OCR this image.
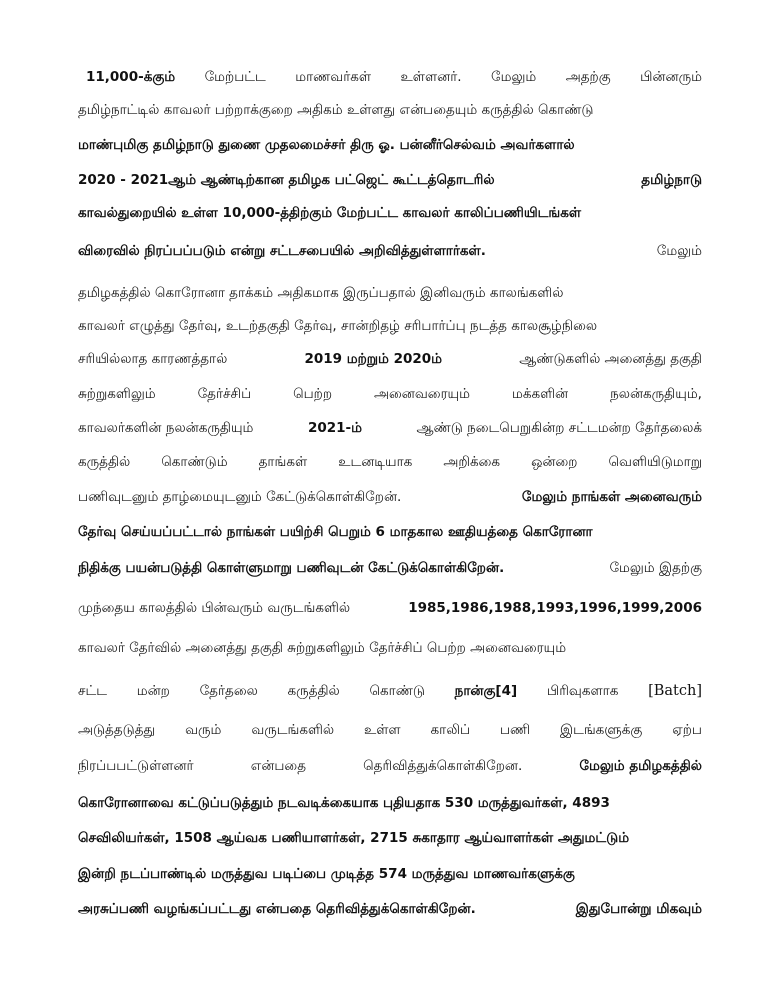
11,000-க்கும் மேற்பட்ட மாணவர்கள் உள்ளனர். மேலும் அதற்கு பின்னரும்
தமிழ்நாட்டில் காவலர் பற்றாக்குறை அதிகம் உள்ளது என்பதையும் கருத்தில் கொண்டு
மாண்புமிகு தமிழ்நாடு துணை முதலமைச்சர் திரு ஓ. பன்னீர்செல்வம் அவர்களால்
2020 - 2021ஆம் ஆண்டிற்கான தமிழக பட்ஜெட் கூட்டத்தொடரில்	தமிழ்நாடு
காவல்துறையில் உள்ள 10,000-த்திற்கும் மேற்பட்ட காவலர் காலிப்பணியிடங்கள்
விரைவில் நிரப்பப்படும் என்று சட்டசபையில் அறிவித்துள்ளார்கள்.	மேலும்
தமிழகத்தில் கொரோனா தாக்கம் அதிகமாக இருப்பதால் இனிவரும் காலங்களில்
காவலர் எழுத்து தேர்வு, உடற்தகுதி தேர்வு, சான்றிதழ் சரிபார்ப்பு நடத்த காலசூழ்நிலை
சரியில்லாத காரணத்தால்	2019 மற்றும் 2020ம்	ஆண்டுகளில் அனைத்து தகுதி
சுற்றுகளிலும்	தேர்ச்சிப்	பெற்ற	அனைவரையும்	மக்களின்	நலன்கருதியும்,
காவலர்களின் நலன்கருதியும்	2021-ம்	ஆண்டு நடைபெறுகின்ற சட்டமன்ற தேர்தலைக்
கருத்தில் கொண்டும் தாங்கள் உடனடியாக அறிக்கை ஒன்றை வெளியிடுமாறு
பணிவுடனும் தாழ்மையுடனும் கேட்டுக்கொள்கிறேன்.	மேலும் நாங்கள் அனைவரும்
தேர்வு செய்யப்பட்டால் நாங்கள் பயிற்சி பெறும் 6 மாதகால ஊதியத்தை கொரோனா
நிதிக்கு பயன்படுத்தி கொள்ளுமாறு பணிவுடன் கேட்டுக்கொள்கிறேன்.	மேலும் இதற்கு
முந்தைய காலத்தில் பின்வரும் வருடங்களில்	1985,1986,1988,1993,1996,1999,2006
காவலர் தேர்வில் அனைத்து தகுதி சுற்றுகளிலும் தேர்ச்சிப் பெற்ற அனைவரையும்
சட்ட மன்ற தேர்தலை கருத்தில் கொண்டு நான்கு[4] பிரிவுகளாக [Batch]
அடுத்தடுத்து வரும் வருடங்களில் உள்ள காலிப் பணி இடங்களுக்கு ஏற்ப
நிரப்பபட்டுள்ளனர்	என்பதை	தெரிவித்துக்கொள்கிறேன.	மேலும் தமிழகத்தில்
கொரோனாவை கட்டுப்படுத்தும் நடவடிக்கையாக புதியதாக 530 மருத்துவர்கள், 4893
செவிலியர்கள், 1508 ஆய்வக பணியாளர்கள், 2715 சுகாதார ஆய்வாளர்கள் அதுமட்டும்
இன்றி நடப்பாண்டில் மருத்துவ படிப்பை முடித்த 574 மருத்துவ மாணவர்களுக்கு
அரசுப்பணி வழங்கப்பட்டது என்பதை தெரிவித்துக்கொள்கிறேன்.	இதுபோன்று மிகவும்
